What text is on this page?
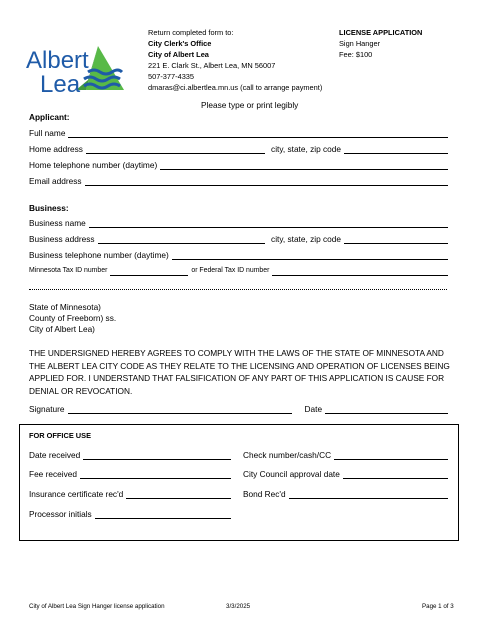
Albert
Lea
Return completed form to:
City Clerk's Office
City of Albert Lea
221 E. Clark St., Albert Lea, MN 56007
507-377-4335
dmaras@ci.albertlea.mn.us (call to arrange payment)
LICENSE APPLICATION
Sign Hanger
Fee: $100
Please type or print legibly
Applicant:
Full name
Home address	city, state, zip code
Home telephone number (daytime)
Email address
Business:
Business name
Business address	city, state, zip code
Business telephone number (daytime)
Minnesota Tax ID number	or Federal Tax ID number
State of Minnesota)
County of Freeborn) ss.
City of Albert Lea)
THE UNDERSIGNED HEREBY AGREES TO COMPLY WITH THE LAWS OF THE STATE OF MINNESOTA AND THE ALBERT LEA CITY CODE AS THEY RELATE TO THE LICENSING AND OPERATION OF LICENSES BEING APPLIED FOR. I UNDERSTAND THAT FALSIFICATION OF ANY PART OF THIS APPLICATION IS CAUSE FOR DENIAL OR REVOCATION.
Signature	Date
FOR OFFICE USE
Date received	Check number/cash/CC
Fee received	City Council approval date
Insurance certificate rec'd	Bond Rec'd
Processor initials
City of Albert Lea Sign Hanger license application	3/3/2025	Page 1 of 3
